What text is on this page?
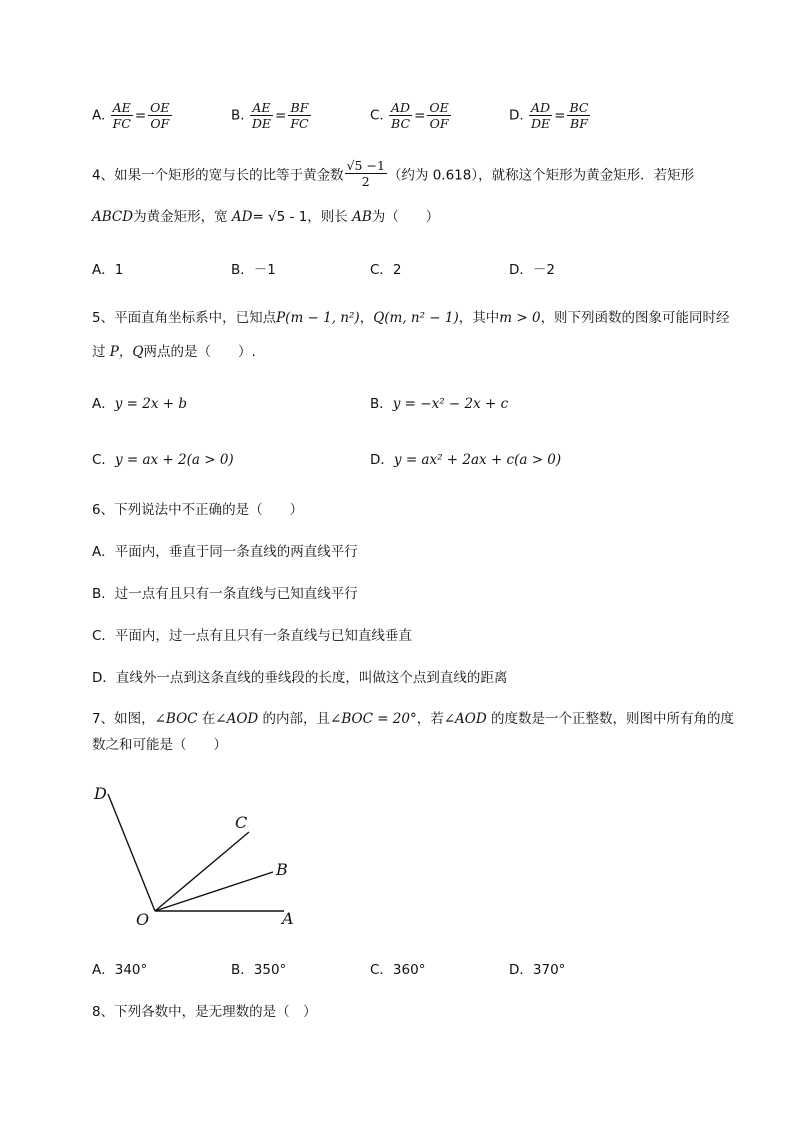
A. $\frac{AE}{FC} = \frac{OE}{OF}$	B. $\frac{AE}{DE} = \frac{BF}{FC}$	C. $\frac{AD}{BC} = \frac{OE}{OF}$	D. $\frac{AD}{DE} = \frac{BC}{BF}$
4、如果一个矩形的宽与长的比等于黄金数 $\frac{√5 -1}{2}$ （约为 0.618），就称这个矩形为黄金矩形．若矩形
ABCD为黄金矩形，宽 AD= √5 - 1，则长 AB为（　　）
A．1	B．－1	C．2	D．－2
5、平面直角坐标系中，已知点P(m − 1, n²)，Q(m, n² − 1)，其中m > 0，则下列函数的图象可能同时经
过 P，Q两点的是（　　）.
A．y = 2x + b	B．y = −x² − 2x + c
C．y = ax + 2(a > 0)	D．y = ax² + 2ax + c(a > 0)
6、下列说法中不正确的是（　　）
A．平面内，垂直于同一条直线的两直线平行
B．过一点有且只有一条直线与已知直线平行
C．平面内，过一点有且只有一条直线与已知直线垂直
D．直线外一点到这条直线的垂线段的长度，叫做这个点到直线的距离
7、如图，∠BOC 在∠AOD 的内部，且∠BOC = 20°，若∠AOD 的度数是一个正整数，则图中所有角的度
数之和可能是（　　）
D
C
B
O	A
A．340°	B．350°	C．360°	D．370°
8、下列各数中，是无理数的是（　）
